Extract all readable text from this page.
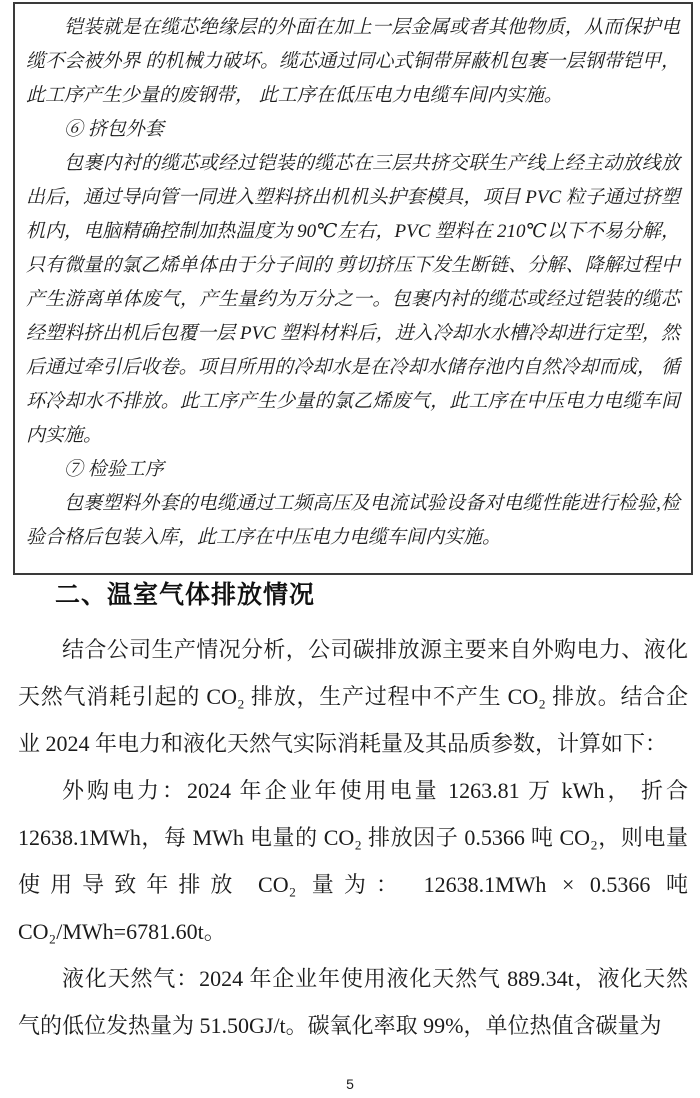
铠装就是在缆芯绝缘层的外面在加上一层金属或者其他物质，从而保护电缆不会被外界 的机械力破坏。缆芯通过同心式铜带屏蔽机包裹一层钢带铠甲，此工序产生少量的废钢带， 此工序在低压电力电缆车间内实施。

⑥ 挤包外套

包裹内衬的缆芯或经过铠装的缆芯在三层共挤交联生产线上经主动放线放出后，通过导向管一同进入塑料挤出机机头护套模具，项目 PVC 粒子通过挤塑机内，电脑精确控制加热温度为 90℃左右，PVC 塑料在 210℃以下不易分解，只有微量的氯乙烯单体由于分子间的 剪切挤压下发生断链、分解、降解过程中产生游离单体废气，产生量约为万分之一。包裹内衬的缆芯或经过铠装的缆芯经塑料挤出机后包覆一层 PVC 塑料材料后，进入冷却水水槽冷却进行定型，然后通过牵引后收卷。项目所用的冷却水是在冷却水储存池内自然冷却而成， 循环冷却水不排放。此工序产生少量的氯乙烯废气，此工序在中压电力电缆车间内实施。

⑦ 检验工序

包裹塑料外套的电缆通过工频高压及电流试验设备对电缆性能进行检验,检验合格后包装入库，此工序在中压电力电缆车间内实施。

二、温室气体排放情况

结合公司生产情况分析，公司碳排放源主要来自外购电力、液化天然气消耗引起的 CO₂ 排放，生产过程中不产生 CO₂ 排放。结合企业 2024 年电力和液化天然气实际消耗量及其品质参数，计算如下：

外购电力：2024 年企业年使用电量 1263.81 万 kWh， 折合 12638.1MWh，每 MWh 电量的 CO₂ 排放因子 0.5366 吨 CO₂，则电量使用导致年排放 CO₂ 量为： 12638.1MWh × 0.5366 吨 CO₂/MWh=6781.60t。

液化天然气：2024 年企业年使用液化天然气 889.34t，液化天然气的低位发热量为 51.50GJ/t。碳氧化率取 99%，单位热值含碳量为

5
